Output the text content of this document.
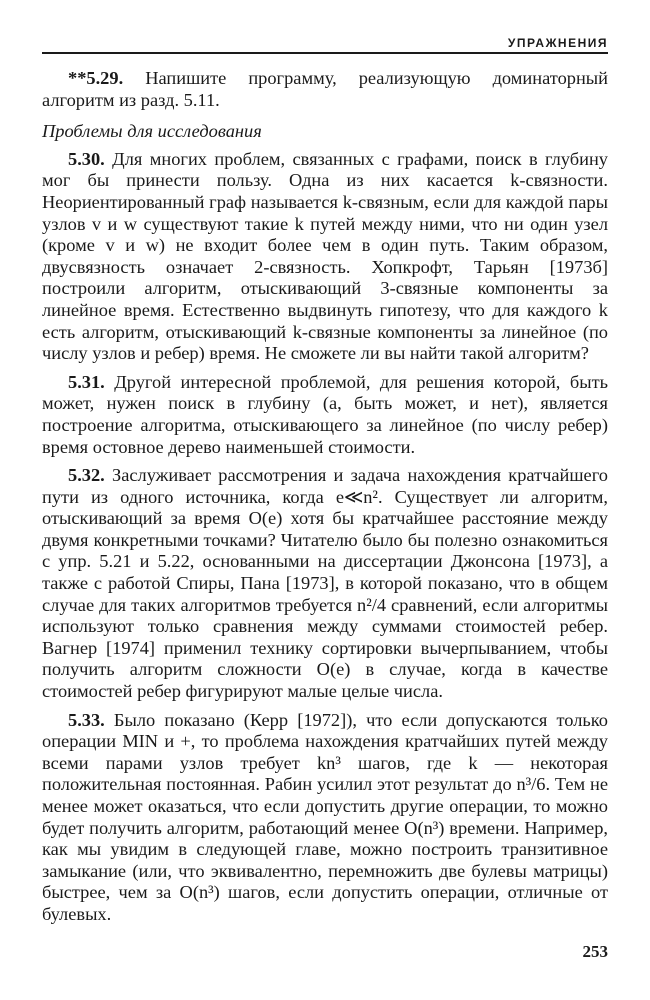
УПРАЖНЕНИЯ

**5.29. Напишите программу, реализующую доминаторный алгоритм из разд. 5.11.

Проблемы для исследования

5.30. Для многих проблем, связанных с графами, поиск в глубину мог бы принести пользу. Одна из них касается k-связности. Неориентированный граф называется k-связным, если для каждой пары узлов v и w существуют такие k путей между ними, что ни один узел (кроме v и w) не входит более чем в один путь. Таким образом, двусвязность означает 2-связность. Хопкрофт, Тарьян [1973б] построили алгоритм, отыскивающий 3-связные компоненты за линейное время. Естественно выдвинуть гипотезу, что для каждого k есть алгоритм, отыскивающий k-связные компоненты за линейное (по числу узлов и ребер) время. Не сможете ли вы найти такой алгоритм?

5.31. Другой интересной проблемой, для решения которой, быть может, нужен поиск в глубину (а, быть может, и нет), является построение алгоритма, отыскивающего за линейное (по числу ребер) время остовное дерево наименьшей стоимости.

5.32. Заслуживает рассмотрения и задача нахождения кратчайшего пути из одного источника, когда e≪n². Существует ли алгоритм, отыскивающий за время O(e) хотя бы кратчайшее расстояние между двумя конкретными точками? Читателю было бы полезно ознакомиться с упр. 5.21 и 5.22, основанными на диссертации Джонсона [1973], а также с работой Спиры, Пана [1973], в которой показано, что в общем случае для таких алгоритмов требуется n²/4 сравнений, если алгоритмы используют только сравнения между суммами стоимостей ребер. Вагнер [1974] применил технику сортировки вычерпыванием, чтобы получить алгоритм сложности O(e) в случае, когда в качестве стоимостей ребер фигурируют малые целые числа.

5.33. Было показано (Керр [1972]), что если допускаются только операции MIN и +, то проблема нахождения кратчайших путей между всеми парами узлов требует kn³ шагов, где k — некоторая положительная постоянная. Рабин усилил этот результат до n³/6. Тем не менее может оказаться, что если допустить другие операции, то можно будет получить алгоритм, работающий менее O(n³) времени. Например, как мы увидим в следующей главе, можно построить транзитивное замыкание (или, что эквивалентно, перемножить две булевы матрицы) быстрее, чем за O(n³) шагов, если допустить операции, отличные от булевых.

253
